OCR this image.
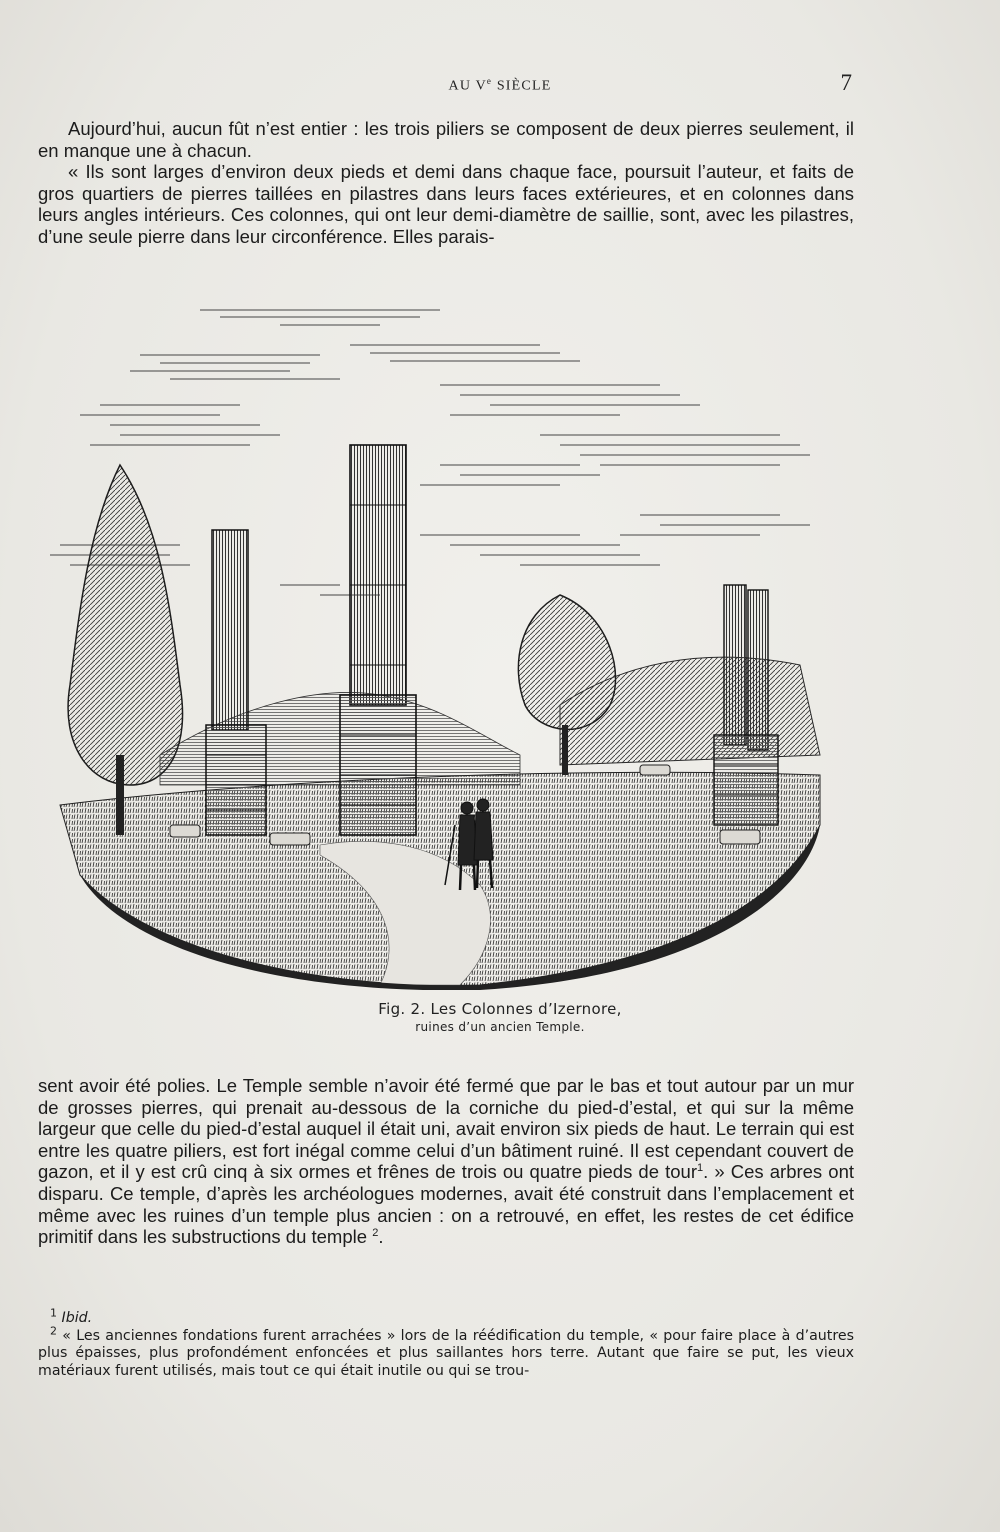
AU Ve SIÈCLE	7

Aujourd’hui, aucun fût n’est entier : les trois piliers se composent de deux pierres seulement, il en manque une à chacun.

« Ils sont larges d’environ deux pieds et demi dans chaque face, poursuit l’auteur, et faits de gros quartiers de pierres taillées en pilastres dans leurs faces extérieures, et en colonnes dans leurs angles intérieurs. Ces colonnes, qui ont leur demi-diamètre de saillie, sont, avec les pilastres, d’une seule pierre dans leur circonférence. Elles parais-

Fig. 2. Les Colonnes d’Izernore,
ruines d’un ancien Temple.

sent avoir été polies. Le Temple semble n’avoir été fermé que par le bas et tout autour par un mur de grosses pierres, qui prenait au-dessous de la corniche du pied-d’estal, et qui sur la même largeur que celle du pied-d’estal auquel il était uni, avait environ six pieds de haut. Le terrain qui est entre les quatre piliers, est fort inégal comme celui d’un bâtiment ruiné. Il est cependant couvert de gazon, et il y est crû cinq à six ormes et frênes de trois ou quatre pieds de tour$^1$. » Ces arbres ont disparu. Ce temple, d’après les archéologues modernes, avait été construit dans l’emplacement et même avec les ruines d’un temple plus ancien : on a retrouvé, en effet, les restes de cet édifice primitif dans les substructions du temple $^2$.

$^1$ Ibid.

$^2$ « Les anciennes fondations furent arrachées » lors de la réédification du temple, « pour faire place à d’autres plus épaisses, plus profondément enfoncées et plus saillantes hors terre. Autant que faire se put, les vieux matériaux furent utilisés, mais tout ce qui était inutile ou qui se trou-
